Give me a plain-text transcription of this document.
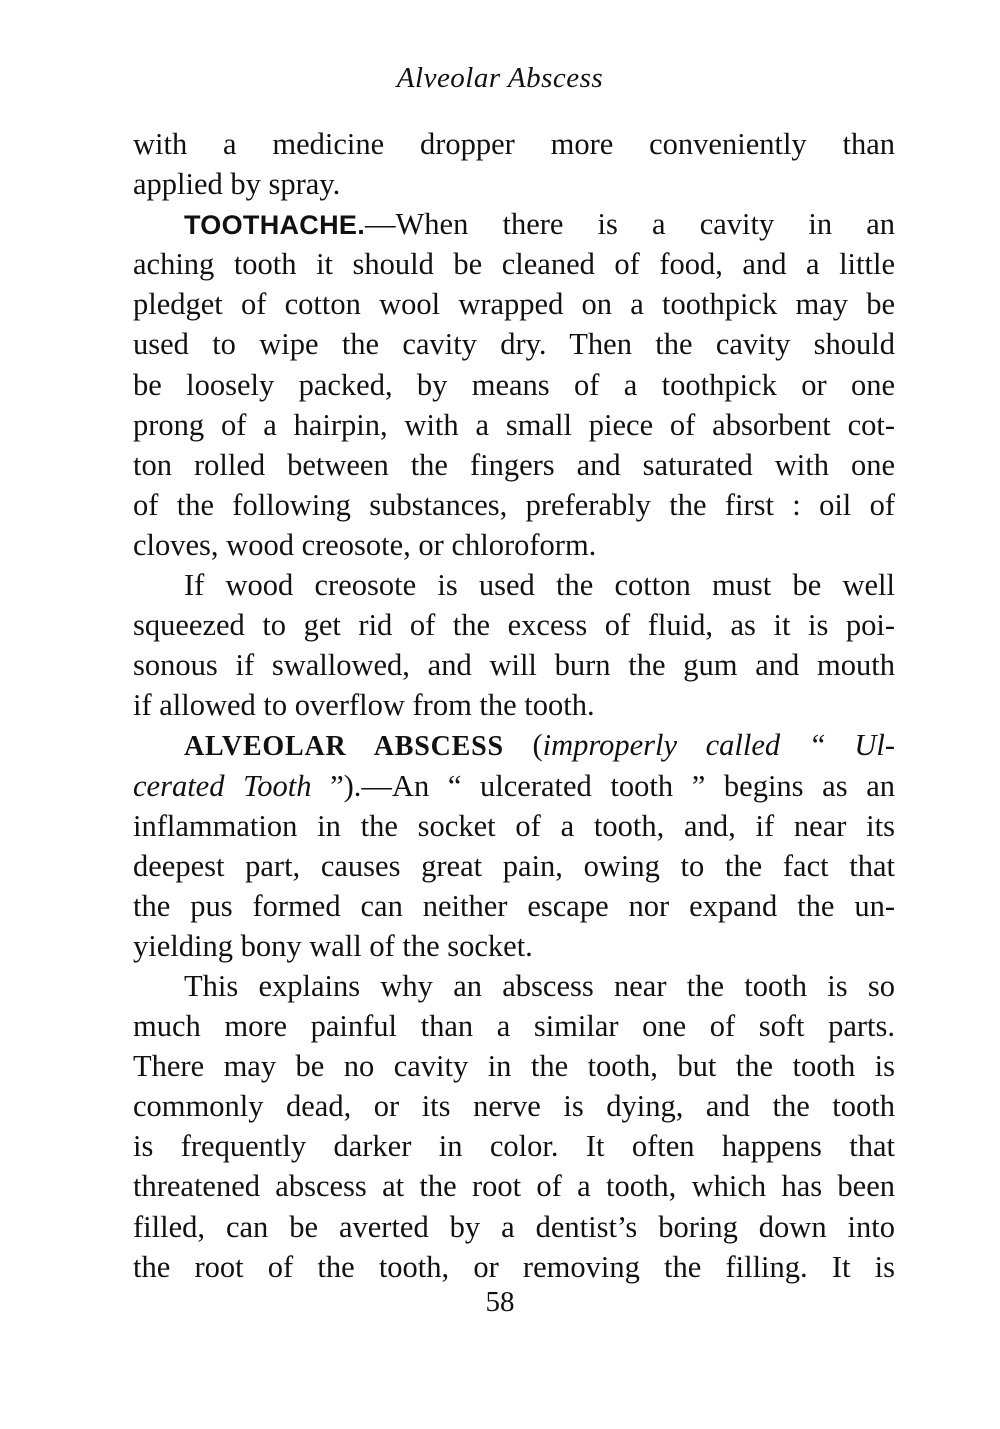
Alveolar Abscess
with a medicine dropper more conveniently than
applied by spray.
TOOTHACHE.—When there is a cavity in an
aching tooth it should be cleaned of food, and a little
pledget of cotton wool wrapped on a toothpick may be
used to wipe the cavity dry. Then the cavity should
be loosely packed, by means of a toothpick or one
prong of a hairpin, with a small piece of absorbent cot-
ton rolled between the fingers and saturated with one
of the following substances, preferably the first : oil of
cloves, wood creosote, or chloroform.
If wood creosote is used the cotton must be well
squeezed to get rid of the excess of fluid, as it is poi-
sonous if swallowed, and will burn the gum and mouth
if allowed to overflow from the tooth.
ALVEOLAR ABSCESS (improperly called “ Ul-
cerated Tooth ”).—An “ ulcerated tooth ” begins as an
inflammation in the socket of a tooth, and, if near its
deepest part, causes great pain, owing to the fact that
the pus formed can neither escape nor expand the un-
yielding bony wall of the socket.
This explains why an abscess near the tooth is so
much more painful than a similar one of soft parts.
There may be no cavity in the tooth, but the tooth is
commonly dead, or its nerve is dying, and the tooth
is frequently darker in color. It often happens that
threatened abscess at the root of a tooth, which has been
filled, can be averted by a dentist’s boring down into
the root of the tooth, or removing the filling. It is
58
